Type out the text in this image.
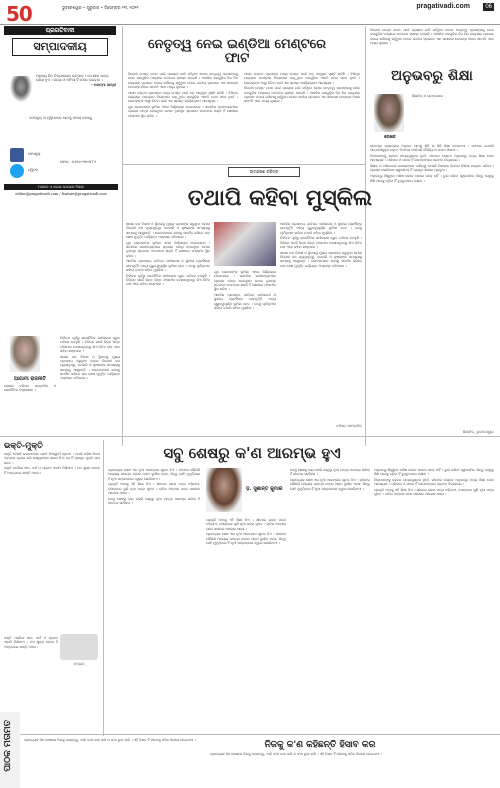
50	ଭୁବନେଶ୍ୱର • ଗୁରୁବାର • ଡିସେମ୍ବର ୨୩, ୨୦୨୧	pragativadi.com	06
ପ୍ରଗତିବାଦୀ
ସମ୍ପାଦକୀୟ
ମନୁଷ୍ୟ ନିଜ ଚିନ୍ତାଧାରାର ଉତ୍ପାଦ । ସେ ଯାହା ଭାବେ, ସେୟା ହୁଏ । ସତ୍ୟ ଓ ଅହିଂସା ହିଁ ମୋର ଭଗବାନ ।
- ମହାତ୍ମା ଗାନ୍ଧୀ
ଫେସବୁକ୍ ଓ ଟ୍ୱିଟରରେ ଆମକୁ ଫଲୋ କରନ୍ତୁ
ଫେସବୁକ୍
ଟ୍ୱିଟର
ଫୋନ୍ : ୦୬୭୪-୨୩୯୭୮୮୬
ମତାମତ ଓ ଲେଖା ପଠାଇବା ଠିକଣା
editor@pragativadi.com / feature@pragativadi.com
ନେତୃତ୍ୱ ନେଇ ଇଣ୍ଡିଆ ମେଣ୍ଟରେ ଫାଟ

ବିରୋଧୀ ମେଣ୍ଟ ଗଠନ ପାଇଁ ପ୍ରୟାସ ଜାରି ରହିଥିବା ବେଳେ ନେତୃତ୍ୱ ପ୍ରସଙ୍ଗକୁ ନେଇ ଦଳଗୁଡ଼ିକ ମଧ୍ୟରେ ମତଭେଦ ସ୍ପଷ୍ଟ ହୋଇଛି । ଆଞ୍ଚଳିକ ଦଳଗୁଡ଼ିକ ନିଜ ନିଜ ରାଜ୍ୟରେ ପ୍ରଭାବ ବଜାୟ ରଖିବାକୁ ଚାହୁଁଥିବା ବେଳେ ଜାତୀୟ ସ୍ତରରେ ଏକ ସାଧାରଣ ନେତାଙ୍କ ନାଁରେ ସହମତି ଏବେ ମଧ୍ୟ ଦୂରରେ ।

ଆସନ ବଣ୍ଟନ ପ୍ରସଙ୍ଗ ମଧ୍ୟ ମେଣ୍ଟ ପାଇଁ ବଡ଼ ଆହ୍ୱାନ ସୃଷ୍ଟି କରିଛି । ବିଭିନ୍ନ ରାଜ୍ୟରେ ପରସ୍ପର ବିରୋଧରେ ଲଢ଼ୁଥିବା ଦଳଗୁଡ଼ିକ ଏକାଠି ହେବା ସହଜ ନୁହେଁ । ଭୋଟରଙ୍କ ଆସ୍ଥା ଜିତିବା ପାଇଁ ଏକ ସ୍ପଷ୍ଟ କାର୍ଯ୍ୟକ୍ରମ ଆବଶ୍ୟକ ।

ଯୁବ ଭୋଟରଙ୍କ ଭୂମିକା ଏଥର ନିର୍ଣ୍ଣାୟକ ହୋଇପାରେ । ସାମାଜିକ ଗଣମାଧ୍ୟମରେ ପ୍ରଚାର ତୀବ୍ର ହୋଇଥିବା ବେଳେ ତୃଣମୂଳ ସ୍ତରରେ ସଂଗଠନର ଶକ୍ତି ହିଁ ଶେଷରେ ଫଳାଫଳ ସ୍ଥିର କରିବ ।

ଆସନ ବଣ୍ଟନ ପ୍ରସଙ୍ଗ ମଧ୍ୟ ମେଣ୍ଟ ପାଇଁ ବଡ଼ ଆହ୍ୱାନ ସୃଷ୍ଟି କରିଛି । ବିଭିନ୍ନ ରାଜ୍ୟରେ ପରସ୍ପର ବିରୋଧରେ ଲଢ଼ୁଥିବା ଦଳଗୁଡ଼ିକ ଏକାଠି ହେବା ସହଜ ନୁହେଁ । ଭୋଟରଙ୍କ ଆସ୍ଥା ଜିତିବା ପାଇଁ ଏକ ସ୍ପଷ୍ଟ କାର୍ଯ୍ୟକ୍ରମ ଆବଶ୍ୟକ ।

ବିରୋଧୀ ମେଣ୍ଟ ଗଠନ ପାଇଁ ପ୍ରୟାସ ଜାରି ରହିଥିବା ବେଳେ ନେତୃତ୍ୱ ପ୍ରସଙ୍ଗକୁ ନେଇ ଦଳଗୁଡ଼ିକ ମଧ୍ୟରେ ମତଭେଦ ସ୍ପଷ୍ଟ ହୋଇଛି । ଆଞ୍ଚଳିକ ଦଳଗୁଡ଼ିକ ନିଜ ନିଜ ରାଜ୍ୟରେ ପ୍ରଭାବ ବଜାୟ ରଖିବାକୁ ଚାହୁଁଥିବା ବେଳେ ଜାତୀୟ ସ୍ତରରେ ଏକ ସାଧାରଣ ନେତାଙ୍କ ନାଁରେ ସହମତି ଏବେ ମଧ୍ୟ ଦୂରରେ ।

ଉଦାହରଣ ଚରିତ୍ର
ତଥାପି କହିବା ମୁସ୍କିଲ
ଆଗାମୀ ରାଜନୀତି
ଲେଖକ ବରିଷ୍ଠ ସାମ୍ବାଦିକ ଓ ରାଜନୈତିକ ବିଶ୍ଳେଷକ ।

ନିର୍ବାଚନ ପୂର୍ବରୁ ରାଜନୈତିକ ସମୀକରଣ ଦ୍ରୁତ ଗତିରେ ବଦଳୁଛି । ବିଭିନ୍ନ ସର୍ଭେ ଭିନ୍ନ ଭିନ୍ନ ଫଳାଫଳ ଦେଖାଉଥିବାରୁ କିଏ ଜିତିବ ତାହା ଏବେ କହିବା କଷ୍ଟକର ।

ଶାସକ ଦଳ ବିକାଶ ଓ ସ୍ଥିରତାକୁ ମୁଖ୍ୟ ପ୍ରସଙ୍ଗ କରୁଥିବା ବେଳେ ବିରୋଧୀ ଦଳ ମୂଲ୍ୟବୃଦ୍ଧି, ବେକାରି ଓ କୃଷକଙ୍କ ସମସ୍ୟାକୁ ସାମ୍ନାକୁ ଆଣୁଛନ୍ତି । ଭୋଟରମାନେ କାହାକୁ ସମର୍ଥନ କରିବେ ତାହା ଶେଷ ମୁହୂର୍ତ୍ତ ପର୍ଯ୍ୟନ୍ତ ଅସ୍ପଷ୍ଟ ରହିପାରେ ।

ଶାସକ ଦଳ ବିକାଶ ଓ ସ୍ଥିରତାକୁ ମୁଖ୍ୟ ପ୍ରସଙ୍ଗ କରୁଥିବା ବେଳେ ବିରୋଧୀ ଦଳ ମୂଲ୍ୟବୃଦ୍ଧି, ବେକାରି ଓ କୃଷକଙ୍କ ସମସ୍ୟାକୁ ସାମ୍ନାକୁ ଆଣୁଛନ୍ତି । ଭୋଟରମାନେ କାହାକୁ ସମର୍ଥନ କରିବେ ତାହା ଶେଷ ମୁହୂର୍ତ୍ତ ପର୍ଯ୍ୟନ୍ତ ଅସ୍ପଷ୍ଟ ରହିପାରେ ।

ଯୁବ ଭୋଟରଙ୍କ ଭୂମିକା ଏଥର ନିର୍ଣ୍ଣାୟକ ହୋଇପାରେ । ସାମାଜିକ ଗଣମାଧ୍ୟମରେ ପ୍ରଚାର ତୀବ୍ର ହୋଇଥିବା ବେଳେ ତୃଣମୂଳ ସ୍ତରରେ ସଂଗଠନର ଶକ୍ତି ହିଁ ଶେଷରେ ଫଳାଫଳ ସ୍ଥିର କରିବ ।

ଆଞ୍ଚଳିକ ପ୍ରସଙ୍ଗ, ଜାତିଗତ ସମୀକରଣ ଓ ସ୍ଥାନୀୟ ପ୍ରାର୍ଥୀଙ୍କ ଭାବମୂର୍ତ୍ତି ମଧ୍ୟ ଗୁରୁତ୍ୱପୂର୍ଣ୍ଣ ଭୂମିକା ନେବ । ତେଣୁ ପୂର୍ବାନୁମାନ କରିବା ତଥାପି କହିବା ମୁସ୍କିଲ ।

ନିର୍ବାଚନ ପୂର୍ବରୁ ରାଜନୈତିକ ସମୀକରଣ ଦ୍ରୁତ ଗତିରେ ବଦଳୁଛି । ବିଭିନ୍ନ ସର୍ଭେ ଭିନ୍ନ ଭିନ୍ନ ଫଳାଫଳ ଦେଖାଉଥିବାରୁ କିଏ ଜିତିବ ତାହା ଏବେ କହିବା କଷ୍ଟକର ।

ଯୁବ ଭୋଟରଙ୍କ ଭୂମିକା ଏଥର ନିର୍ଣ୍ଣାୟକ ହୋଇପାରେ । ସାମାଜିକ ଗଣମାଧ୍ୟମରେ ପ୍ରଚାର ତୀବ୍ର ହୋଇଥିବା ବେଳେ ତୃଣମୂଳ ସ୍ତରରେ ସଂଗଠନର ଶକ୍ତି ହିଁ ଶେଷରେ ଫଳାଫଳ ସ୍ଥିର କରିବ ।

ଆଞ୍ଚଳିକ ପ୍ରସଙ୍ଗ, ଜାତିଗତ ସମୀକରଣ ଓ ସ୍ଥାନୀୟ ପ୍ରାର୍ଥୀଙ୍କ ଭାବମୂର୍ତ୍ତି ମଧ୍ୟ ଗୁରୁତ୍ୱପୂର୍ଣ୍ଣ ଭୂମିକା ନେବ । ତେଣୁ ପୂର୍ବାନୁମାନ କରିବା ତଥାପି କହିବା ମୁସ୍କିଲ ।

ଆଞ୍ଚଳିକ ପ୍ରସଙ୍ଗ, ଜାତିଗତ ସମୀକରଣ ଓ ସ୍ଥାନୀୟ ପ୍ରାର୍ଥୀଙ୍କ ଭାବମୂର୍ତ୍ତି ମଧ୍ୟ ଗୁରୁତ୍ୱପୂର୍ଣ୍ଣ ଭୂମିକା ନେବ । ତେଣୁ ପୂର୍ବାନୁମାନ କରିବା ତଥାପି କହିବା ମୁସ୍କିଲ ।

ନିର୍ବାଚନ ପୂର୍ବରୁ ରାଜନୈତିକ ସମୀକରଣ ଦ୍ରୁତ ଗତିରେ ବଦଳୁଛି । ବିଭିନ୍ନ ସର୍ଭେ ଭିନ୍ନ ଭିନ୍ନ ଫଳାଫଳ ଦେଖାଉଥିବାରୁ କିଏ ଜିତିବ ତାହା ଏବେ କହିବା କଷ୍ଟକର ।

ଶାସକ ଦଳ ବିକାଶ ଓ ସ୍ଥିରତାକୁ ମୁଖ୍ୟ ପ୍ରସଙ୍ଗ କରୁଥିବା ବେଳେ ବିରୋଧୀ ଦଳ ମୂଲ୍ୟବୃଦ୍ଧି, ବେକାରି ଓ କୃଷକଙ୍କ ସମସ୍ୟାକୁ ସାମ୍ନାକୁ ଆଣୁଛନ୍ତି । ଭୋଟରମାନେ କାହାକୁ ସମର୍ଥନ କରିବେ ତାହା ଶେଷ ମୁହୂର୍ତ୍ତ ପର୍ଯ୍ୟନ୍ତ ଅସ୍ପଷ୍ଟ ରହିପାରେ ।

ବରିଷ୍ଠ ସାମ୍ବାଦିକ

ବିରୋଧୀ ମେଣ୍ଟ ଗଠନ ପାଇଁ ପ୍ରୟାସ ଜାରି ରହିଥିବା ବେଳେ ନେତୃତ୍ୱ ପ୍ରସଙ୍ଗକୁ ନେଇ ଦଳଗୁଡ଼ିକ ମଧ୍ୟରେ ମତଭେଦ ସ୍ପଷ୍ଟ ହୋଇଛି । ଆଞ୍ଚଳିକ ଦଳଗୁଡ଼ିକ ନିଜ ନିଜ ରାଜ୍ୟରେ ପ୍ରଭାବ ବଜାୟ ରଖିବାକୁ ଚାହୁଁଥିବା ବେଳେ ଜାତୀୟ ସ୍ତରରେ ଏକ ସାଧାରଣ ନେତାଙ୍କ ନାଁରେ ସହମତି ଏବେ ମଧ୍ୟ ଦୂରରେ ।

ଅନୁଭବରୁ ଶିକ୍ଷା
ଲେଖକ
ଶିକ୍ଷାବିତ୍ ଓ ସ୍ତମ୍ଭକାର

ଜୀବନରେ ପ୍ରତ୍ୟେକ ଅନୁଭବ ଆମକୁ କିଛି ନା କିଛି ଶିକ୍ଷା ଦେଇଥାଏ । ସଫଳତା ଯେପରି ଆତ୍ମବିଶ୍ୱାସ ବଢ଼ାଏ, ବିଫଳତା ସେହିପରି ଧୈର୍ଯ୍ୟ ଓ ସଂଯମ ଶିଖାଏ ।

ପିଲାମାନଙ୍କୁ କେବଳ ପାଠ୍ୟପୁସ୍ତକ ନୁହେଁ, ଜୀବନର ବାସ୍ତବ ଅନୁଭବରୁ ମଧ୍ୟ ଶିକ୍ଷା ଦେବା ଆବଶ୍ୟକ । ପରିବାର ଓ ସମାଜ ହିଁ ସେମାନଙ୍କର ପ୍ରଥମ ବିଦ୍ୟାଳୟ ।

ଶିକ୍ଷକ ଓ ଅଭିଭାବକ ଉଭୟଙ୍କର ଦାୟିତ୍ୱ ହେଉଛି ପିଲାଙ୍କ ଭିତରେ ଜିଜ୍ଞାସା ଜାଗ୍ରତ କରିବା । ପ୍ରଶ୍ନ ପଚାରିବାର ସ୍ୱାଧୀନତା ହିଁ ପ୍ରକୃତ ଶିକ୍ଷାର ମୂଳଦୁଆ ।

ଅନୁଭବରୁ ଶିଖୁଥିବା ମଣିଷ କେବେ ପଛରେ ପଡ଼େ ନାହିଁ । ଭୁଲ କରିବା ସ୍ୱାଭାବିକ, କିନ୍ତୁ ସେଥିରୁ ଶିଖି ଆଗକୁ ବଢ଼ିବା ହିଁ ବୁଦ୍ଧିମାନର ଲକ୍ଷଣ ।

ଶିକ୍ଷାବିତ୍, ଭୁବନେଶ୍ୱର
ଭକ୍ତି-ମୁକ୍ତି

ଭକ୍ତି ହେଉଛି ଭଗବାନଙ୍କ ପ୍ରତି ନିଃସ୍ୱାର୍ଥ ପ୍ରେମ । ଯେଉଁ ମଣିଷ ନିଜର ଅହଂକାର ତ୍ୟାଗ କରି ଈଶ୍ୱରଙ୍କ ଶରଣ ନିଏ, ସେ ହିଁ ପ୍ରକୃତ ମୁକ୍ତି ଲାଭ କରେ ।

ଭକ୍ତି ମାର୍ଗରେ ଜ୍ଞାନ, କର୍ମ ଓ ପ୍ରେମ ଏକାଠି ମିଶିଥାଏ । ମନ ଶୁଦ୍ଧ ହେଲେ ହିଁ ଅନ୍ତରରେ ଶାନ୍ତି ଆସେ ।

ସଂଗ୍ରହ

ଭକ୍ତି ମାର୍ଗରେ ଜ୍ଞାନ, କର୍ମ ଓ ପ୍ରେମ ଏକାଠି ମିଶିଥାଏ । ମନ ଶୁଦ୍ଧ ହେଲେ ହିଁ ଅନ୍ତରରେ ଶାନ୍ତି ଆସେ ।

ସବୁ ଶେଷରୁ କ'ଣ ଆରମ୍ଭ ହୁଏ

ପ୍ରତ୍ୟେକ ଶେଷ ଏକ ନୂଆ ଆରମ୍ଭର ସୂଚନା ଦିଏ । ଜୀବନର କୌଣସି ଅଧ୍ୟାୟ ସମାପ୍ତ ହେଲେ ଆମେ ଦୁଃଖିତ ହେଉ, କିନ୍ତୁ ସେହି ମୁହୂର୍ତ୍ତରେ ହିଁ ନୂଆ ସମ୍ଭାବନାର ଦ୍ୱାର ଖୋଲିଥାଏ ।

ପ୍ରକୃତି ଆମକୁ ଏହି ଶିକ୍ଷା ଦିଏ । ଶୀତରେ ଗଛର ପତ୍ର ଝଡ଼ିଯାଏ, ବସନ୍ତରେ ପୁଣି ନୂଆ ପତ୍ର ଫୁଟେ । ରାତିର ଅନ୍ଧାର ପରେ ସକାଳର ଆଲୋକ ଆସେ ।

ତେଣୁ ଶେଷକୁ ଭୟ ନକରି ସେଥିରୁ ନୂଆ ଯାତ୍ରା ଆରମ୍ଭ କରିବା ହିଁ ଜୀବନର ସାର୍ଥକତା ।

ଡ଼. ସୁଶାନ୍ତ କୁମାର

ପ୍ରକୃତି ଆମକୁ ଏହି ଶିକ୍ଷା ଦିଏ । ଶୀତରେ ଗଛର ପତ୍ର ଝଡ଼ିଯାଏ, ବସନ୍ତରେ ପୁଣି ନୂଆ ପତ୍ର ଫୁଟେ । ରାତିର ଅନ୍ଧାର ପରେ ସକାଳର ଆଲୋକ ଆସେ ।

ପ୍ରତ୍ୟେକ ଶେଷ ଏକ ନୂଆ ଆରମ୍ଭର ସୂଚନା ଦିଏ । ଜୀବନର କୌଣସି ଅଧ୍ୟାୟ ସମାପ୍ତ ହେଲେ ଆମେ ଦୁଃଖିତ ହେଉ, କିନ୍ତୁ ସେହି ମୁହୂର୍ତ୍ତରେ ହିଁ ନୂଆ ସମ୍ଭାବନାର ଦ୍ୱାର ଖୋଲିଥାଏ ।

ତେଣୁ ଶେଷକୁ ଭୟ ନକରି ସେଥିରୁ ନୂଆ ଯାତ୍ରା ଆରମ୍ଭ କରିବା ହିଁ ଜୀବନର ସାର୍ଥକତା ।

ପ୍ରତ୍ୟେକ ଶେଷ ଏକ ନୂଆ ଆରମ୍ଭର ସୂଚନା ଦିଏ । ଜୀବନର କୌଣସି ଅଧ୍ୟାୟ ସମାପ୍ତ ହେଲେ ଆମେ ଦୁଃଖିତ ହେଉ, କିନ୍ତୁ ସେହି ମୁହୂର୍ତ୍ତରେ ହିଁ ନୂଆ ସମ୍ଭାବନାର ଦ୍ୱାର ଖୋଲିଥାଏ ।

ଅନୁଭବରୁ ଶିଖୁଥିବା ମଣିଷ କେବେ ପଛରେ ପଡ଼େ ନାହିଁ । ଭୁଲ କରିବା ସ୍ୱାଭାବିକ, କିନ୍ତୁ ସେଥିରୁ ଶିଖି ଆଗକୁ ବଢ଼ିବା ହିଁ ବୁଦ୍ଧିମାନର ଲକ୍ଷଣ ।

ପିଲାମାନଙ୍କୁ କେବଳ ପାଠ୍ୟପୁସ୍ତକ ନୁହେଁ, ଜୀବନର ବାସ୍ତବ ଅନୁଭବରୁ ମଧ୍ୟ ଶିକ୍ଷା ଦେବା ଆବଶ୍ୟକ । ପରିବାର ଓ ସମାଜ ହିଁ ସେମାନଙ୍କର ପ୍ରଥମ ବିଦ୍ୟାଳୟ ।

ପ୍ରକୃତି ଆମକୁ ଏହି ଶିକ୍ଷା ଦିଏ । ଶୀତରେ ଗଛର ପତ୍ର ଝଡ଼ିଯାଏ, ବସନ୍ତରେ ପୁଣି ନୂଆ ପତ୍ର ଫୁଟେ । ରାତିର ଅନ୍ଧାର ପରେ ସକାଳର ଆଲୋକ ଆସେ ।

ପାଠକ ମତାମତ	ପ୍ରତ୍ୟେକ ଦିନ ଶେଷରେ ନିଜକୁ ପଚାରନ୍ତୁ, ଆଜି କ'ଣ ଭଲ କଲି ଓ କ'ଣ ଭୁଲ କଲି । ଏହି ହିସାବ ହିଁ ଜୀବନକୁ ସଠିକ ଦିଗରେ ନେଇଯାଏ ।	ନିଜକୁ କ'ଣ କହିଛନ୍ତି ହିସାବ କର
ପ୍ରତ୍ୟେକ ଦିନ ଶେଷରେ ନିଜକୁ ପଚାରନ୍ତୁ, ଆଜି କ'ଣ ଭଲ କଲି ଓ କ'ଣ ଭୁଲ କଲି । ଏହି ହିସାବ ହିଁ ଜୀବନକୁ ସଠିକ ଦିଗରେ ନେଇଯାଏ ।
